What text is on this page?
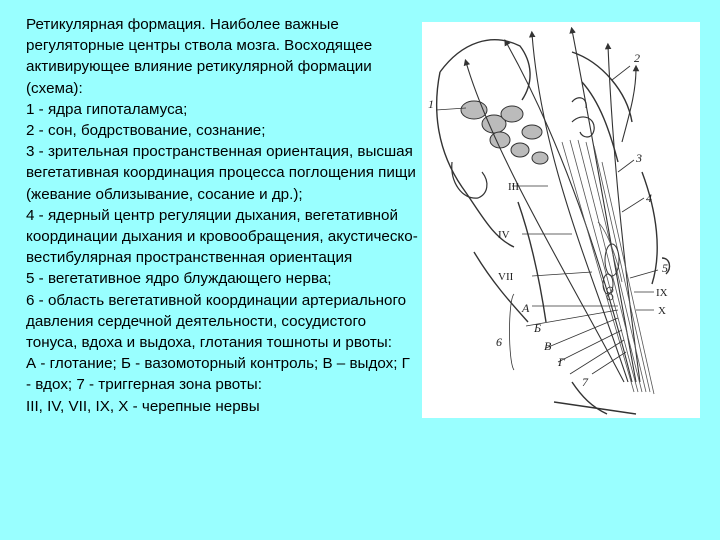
Ретикулярная формация. Наиболее важные регуляторные центры ствола мозга. Восходящее активирующее влияние ретикулярной формации (схема):

1 - ядра гипоталамуса;

2 - сон, бодрствование, сознание;

3 - зрительная пространственная ориентация, высшая вегетативная координация процесса поглощения пищи (жевание облизывание, сосание и др.);

4 - ядерный центр регуляции дыхания, вегетативной координации дыхания и кровообращения, акустическо-вестибулярная пространственная ориентация

5 - вегетативное ядро блуждающего нерва;

6 - область вегетативной координации артериального давления сердечной деятельности, сосудистого тонуса, вдоха и выдоха, глотания тошноты и рвоты:

А - глотание; Б - вазомоторный контроль; В – выдох; Г - вдох; 7 - триггерная зона рвоты:

III, IV, VII, IX, X - черепные нервы

1
2
3
4
5
6
7
III
IV
VII
IX
X
А
Б
В
Г
